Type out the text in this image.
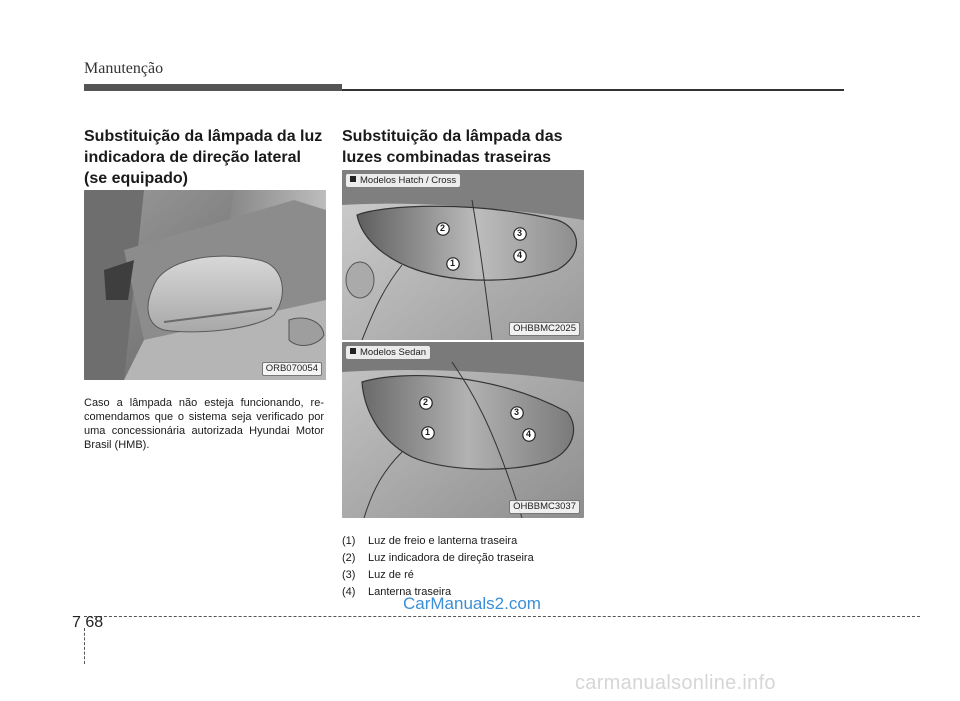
Manutenção
Substituição da lâmpada da luz
indicadora de direção lateral
(se equipado)
ORB070054
Caso a lâmpada não esteja funcionando, re- comendamos que o sistema seja verificado por uma concessionária autorizada Hyundai Motor Brasil (HMB).
Substituição da lâmpada das
luzes combinadas traseiras
Modelos Hatch / Cross
OHBBMC2025
Modelos Sedan
OHBBMC3037
2
1
3
4
2
1
3
4
(1)	Luz de freio e lanterna traseira
(2)	Luz indicadora de direção traseira
(3)	Luz de ré
(4)	Lanterna traseira
CarManuals2.com
7 68
carmanualsonline.info
